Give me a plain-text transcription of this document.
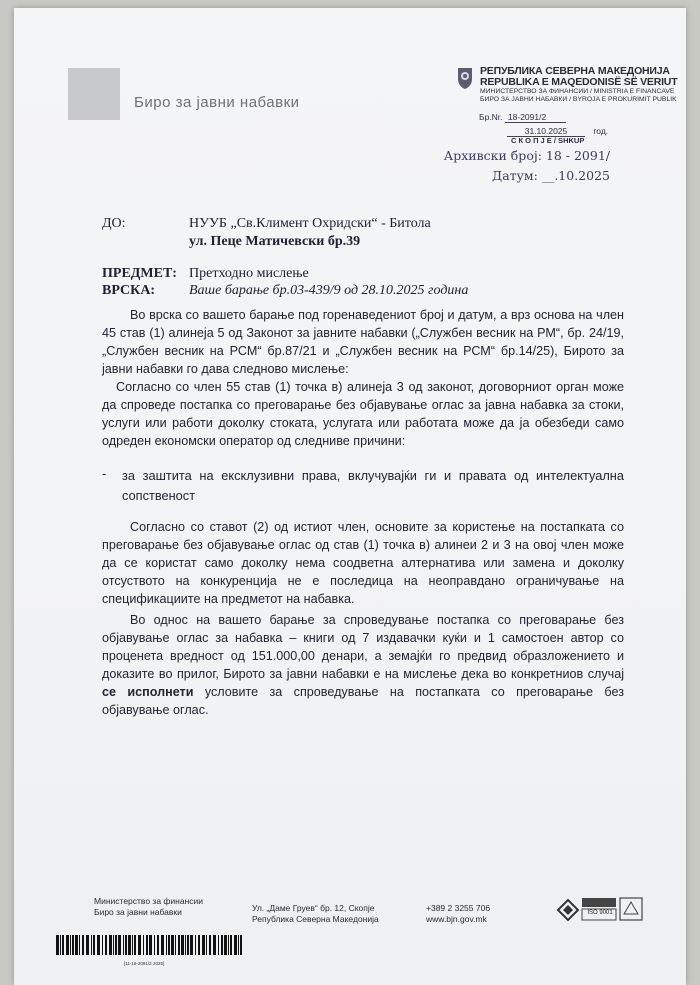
Биро за јавни набавки
РЕПУБЛИКА СЕВЕРНА МАКЕДОНИЈА
REPUBLIKA E MAQEDONISË SË VERIUT
МИНИСТЕРСТВО ЗА ФИНАНСИИ / MINISTRIA E FINANCAVE
БИРО ЗА ЈАВНИ НАБАВКИ / BYROJA E PROKURIMIT PUBLIK
Бр.Nr. 18-2091/2
31.10.2025	год.
С К О П Ј Е / SHKUP
Архивски број: 18 - 2091/
Датум: __.10.2025
ДО:	НУУБ „Св.Климент Охридски“ - Битола
ул. Пеце Матичевски бр.39
ПРЕДМЕТ: Претходно мислење
ВРСКА: Ваше барање бр.03-439/9 од 28.10.2025 година
Во врска со вашето барање под горенаведениот број и датум, а врз основа на член 45 став (1) алинеја 5 од Законот за јавните набавки („Службен весник на РМ“, бр. 24/19, „Службен весник на РСМ“ бр.87/21 и „Службен весник на РСМ“ бр.14/25), Бирото за јавни набавки го дава следново мислење:
Согласно со член 55 став (1) точка в) алинеја 3 од законот, договорниот орган може да спроведе постапка со преговарање без објавување оглас за јавна набавка за стоки, услуги или работи доколку стоката, услугата или работата може да ја обезбеди само одреден економски оператор од следниве причини:
- за заштита на ексклузивни права, вклучувајќи ги и правата од интелектуална сопственост
Согласно со ставот (2) од истиот член, основите за користење на постапката со преговарање без објавување оглас од став (1) точка в) алинеи 2 и 3 на овој член може да се користат само доколку нема соодветна алтернатива или замена и доколку отсуството на конкуренција не е последица на неоправдано ограничување на спецификациите на предметот на набавка.
Во однос на вашето барање за спроведување постапка со преговарање без објавување оглас за набавка – книги од 7 издавачки куќи и 1 самостоен автор со проценета вредност од 151.000,00 денари, а земајќи го предвид образложението и доказите во прилог, Бирото за јавни набавки е на мислење дека во конкретниов случај се исполнети условите за спроведување на постапката со преговарање без објавување оглас.
Министерство за финансии
Биро за јавни набавки	Ул. „Даме Груев“ бр. 12, Скопје
Република Северна Македонија
+389 2 3255 706
www.bjn.gov.mk
ISO 9001
[11-18-2091/2 2025]
